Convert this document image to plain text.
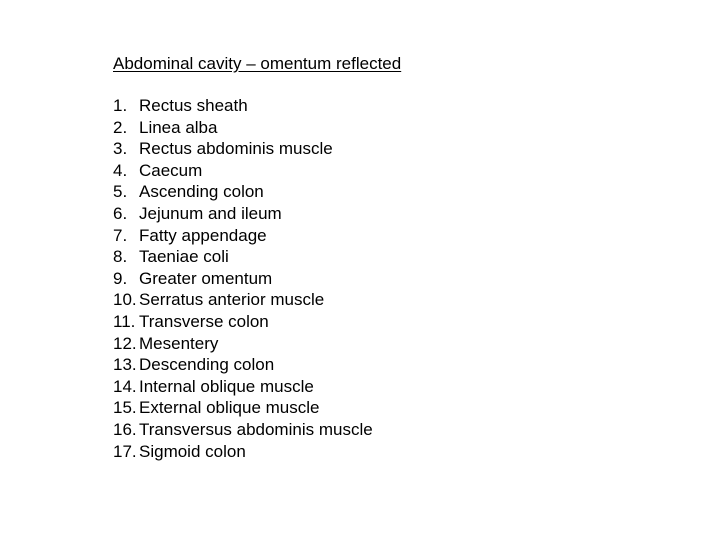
Abdominal cavity – omentum reflected
1. Rectus sheath
2. Linea alba
3. Rectus abdominis muscle
4. Caecum
5. Ascending colon
6. Jejunum and ileum
7. Fatty appendage
8. Taeniae coli
9. Greater omentum
10. Serratus anterior muscle
11. Transverse colon
12. Mesentery
13. Descending colon
14. Internal oblique muscle
15. External oblique muscle
16. Transversus abdominis muscle
17. Sigmoid colon
